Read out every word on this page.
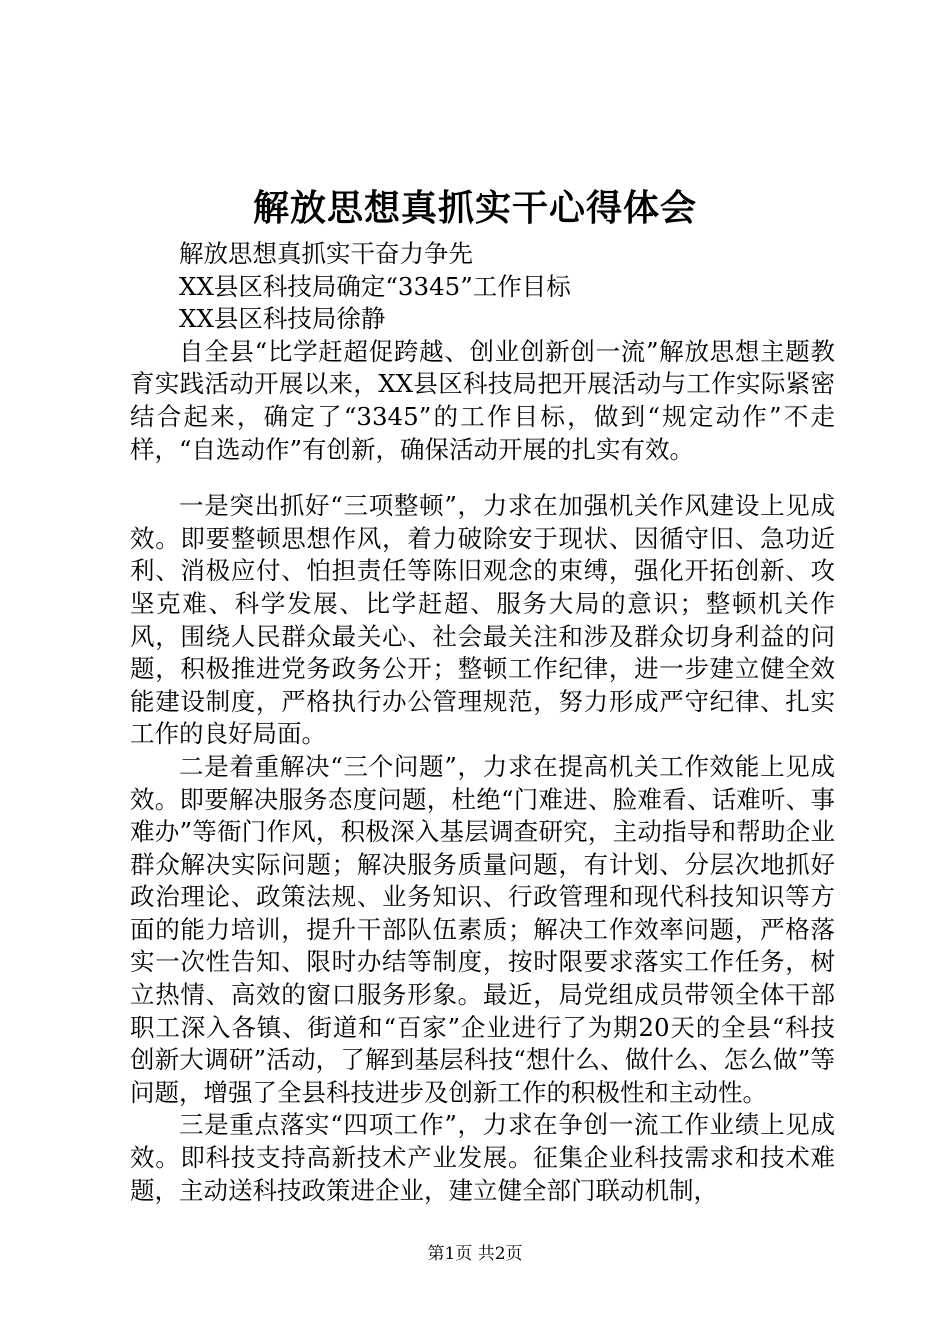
解放思想真抓实干心得体会
解放思想真抓实干奋力争先
XX县区科技局确定“3345”工作目标
XX县区科技局徐静

自全县“比学赶超促跨越、创业创新创一流”解放思想主题教育实践活动开展以来，XX县区科技局把开展活动与工作实际紧密结合起来，确定了“3345”的工作目标，做到“规定动作”不走样，“自选动作”有创新，确保活动开展的扎实有效。

一是突出抓好“三项整顿”，力求在加强机关作风建设上见成效。即要整顿思想作风，着力破除安于现状、因循守旧、急功近利、消极应付、怕担责任等陈旧观念的束缚，强化开拓创新、攻坚克难、科学发展、比学赶超、服务大局的意识；整顿机关作风，围绕人民群众最关心、社会最关注和涉及群众切身利益的问题，积极推进党务政务公开；整顿工作纪律，进一步建立健全效能建设制度，严格执行办公管理规范，努力形成严守纪律、扎实工作的良好局面。

二是着重解决“三个问题”，力求在提高机关工作效能上见成效。即要解决服务态度问题，杜绝“门难进、脸难看、话难听、事难办”等衙门作风，积极深入基层调查研究，主动指导和帮助企业群众解决实际问题；解决服务质量问题，有计划、分层次地抓好政治理论、政策法规、业务知识、行政管理和现代科技知识等方面的能力培训，提升干部队伍素质；解决工作效率问题，严格落实一次性告知、限时办结等制度，按时限要求落实工作任务，树立热情、高效的窗口服务形象。最近，局党组成员带领全体干部职工深入各镇、街道和“百家”企业进行了为期20天的全县“科技创新大调研”活动，了解到基层科技“想什么、做什么、怎么做”等问题，增强了全县科技进步及创新工作的积极性和主动性。

三是重点落实“四项工作”，力求在争创一流工作业绩上见成效。即科技支持高新技术产业发展。征集企业科技需求和技术难题，主动送科技政策进企业，建立健全部门联动机制，

第1页 共2页
